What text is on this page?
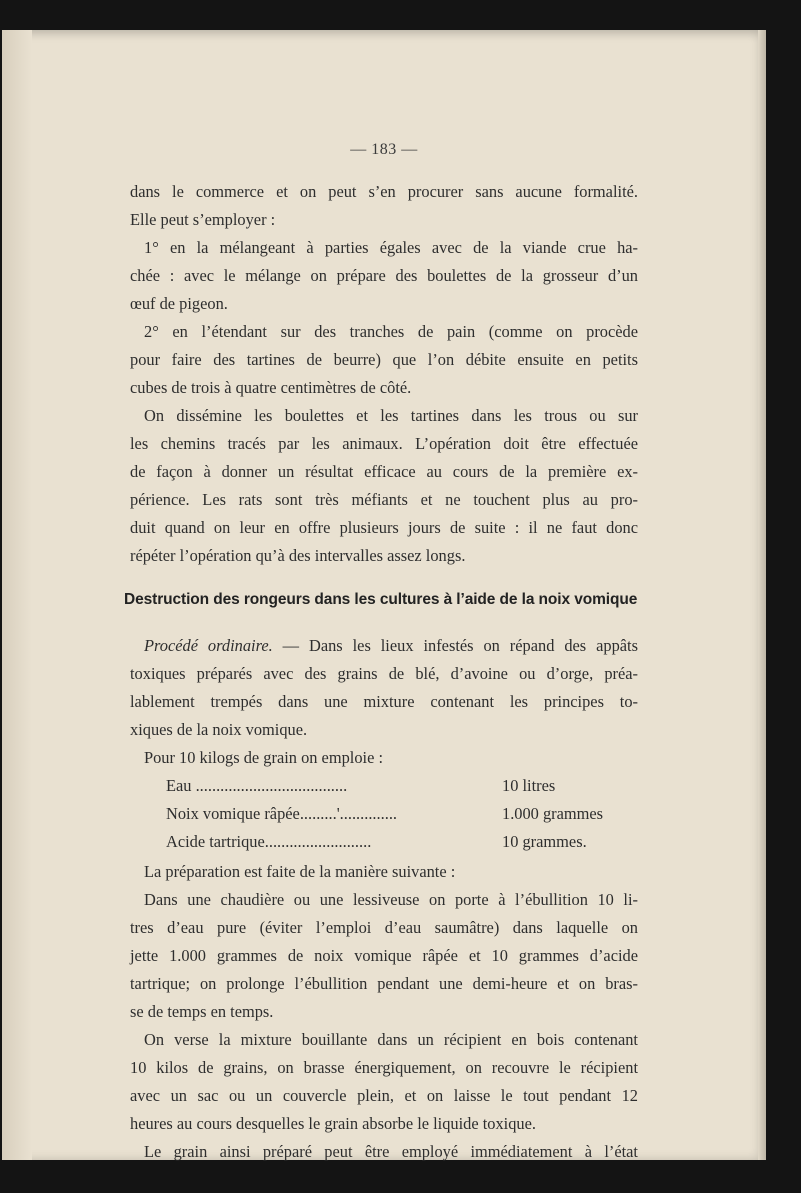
— 183 —
dans le commerce et on peut s’en procurer sans aucune formalité.
Elle peut s’employer :
1° en la mélangeant à parties égales avec de la viande crue ha-
chée : avec le mélange on prépare des boulettes de la grosseur d’un
œuf de pigeon.
2° en l’étendant sur des tranches de pain (comme on procède
pour faire des tartines de beurre) que l’on débite ensuite en petits
cubes de trois à quatre centimètres de côté.
On dissémine les boulettes et les tartines dans les trous ou sur
les chemins tracés par les animaux. L’opération doit être effectuée
de façon à donner un résultat efficace au cours de la première ex-
périence. Les rats sont très méfiants et ne touchent plus au pro-
duit quand on leur en offre plusieurs jours de suite : il ne faut donc
répéter l’opération qu’à des intervalles assez longs.
Destruction des rongeurs dans les cultures à l’aide de la noix vomique
Procédé ordinaire. — Dans les lieux infestés on répand des appâts
toxiques préparés avec des grains de blé, d’avoine ou d’orge, préa-
lablement trempés dans une mixture contenant les principes to-
xiques de la noix vomique.
Pour 10 kilogs de grain on emploie :
Eau .....................................	10 litres
Noix vomique râpée.........'..............	1.000 grammes
Acide tartrique..........................	10 grammes.
La préparation est faite de la manière suivante :
Dans une chaudière ou une lessiveuse on porte à l’ébullition 10 li-
tres d’eau pure (éviter l’emploi d’eau saumâtre) dans laquelle on
jette 1.000 grammes de noix vomique râpée et 10 grammes d’acide
tartrique; on prolonge l’ébullition pendant une demi-heure et on bras-
se de temps en temps.
On verse la mixture bouillante dans un récipient en bois contenant
10 kilos de grains, on brasse énergiquement, on recouvre le récipient
avec un sac ou un couvercle plein, et on laisse le tout pendant 12
heures au cours desquelles le grain absorbe le liquide toxique.
Le grain ainsi préparé peut être employé immédiatement à l’état
